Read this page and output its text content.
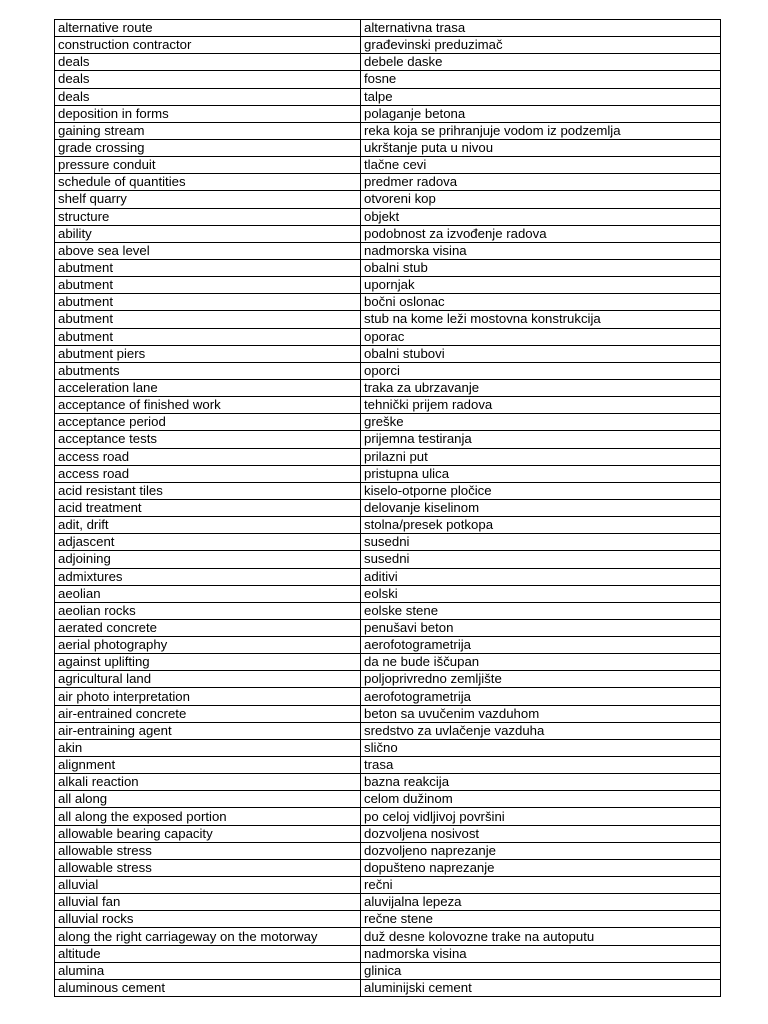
alternative route	alternativna trasa
construction contractor	građevinski preduzimač
deals	debele daske
deals	fosne
deals	talpe
deposition in forms	polaganje betona
gaining stream	reka koja se prihranjuje vodom iz podzemlja
grade crossing	ukrštanje puta u nivou
pressure conduit	tlačne cevi
schedule of quantities	predmer radova
shelf quarry	otvoreni kop
structure	objekt
ability	podobnost za izvođenje radova
above sea level	nadmorska visina
abutment	obalni stub
abutment	upornjak
abutment	bočni oslonac
abutment	stub na kome leži mostovna konstrukcija
abutment	oporac
abutment piers	obalni stubovi
abutments	oporci
acceleration lane	traka za ubrzavanje
acceptance of finished work	tehnički prijem radova
acceptance period	greške
acceptance tests	prijemna testiranja
access road	prilazni put
access road	pristupna ulica
acid resistant tiles	kiselo-otporne pločice
acid treatment	delovanje kiselinom
adit, drift	stolna/presek potkopa
adjascent	susedni
adjoining	susedni
admixtures	aditivi
aeolian	eolski
aeolian rocks	eolske stene
aerated concrete	penušavi beton
aerial photography	aerofotogrametrija
against uplifting	da ne bude iščupan
agricultural land	poljoprivredno zemljište
air photo interpretation	aerofotogrametrija
air-entrained concrete	beton sa uvučenim vazduhom
air-entraining agent	sredstvo za uvlačenje vazduha
akin	slično
alignment	trasa
alkali reaction	bazna reakcija
all along	celom dužinom
all along the exposed portion	po celoj vidljivoj površini
allowable bearing capacity	dozvoljena nosivost
allowable stress	dozvoljeno naprezanje
allowable stress	dopušteno naprezanje
alluvial	rečni
alluvial fan	aluvijalna lepeza
alluvial rocks	rečne stene
along the right carriageway on the motorway	duž desne kolovozne trake na autoputu
altitude	nadmorska visina
alumina	glinica
aluminous cement	aluminijski cement
